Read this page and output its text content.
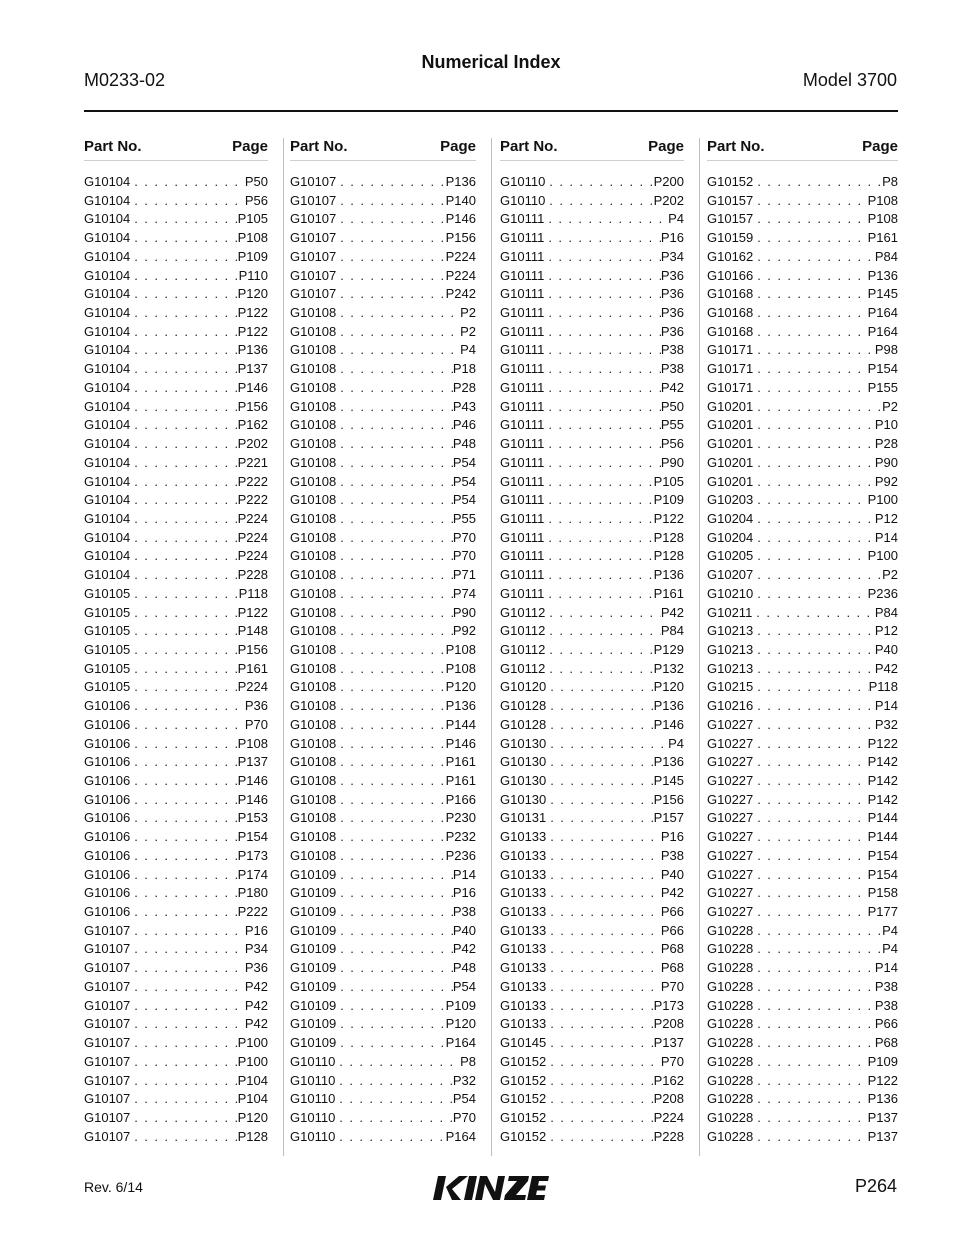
Numerical Index
M0233-02	Model 3700
Part No.	Page
G10104 . . .	P50
G10104 . . .	P56
G10104 . . .	P105
G10104 . . .	P108
G10104 . . .	P109
G10104 . . .	P110
G10104 . . .	P120
G10104 . . .	P122
G10104 . . .	P122
G10104 . . .	P136
G10104 . . .	P137
G10104 . . .	P146
G10104 . . .	P156
G10104 . . .	P162
G10104 . . .	P202
G10104 . . .	P221
G10104 . . .	P222
G10104 . . .	P222
G10104 . . .	P224
G10104 . . .	P224
G10104 . . .	P224
G10104 . . .	P228
G10105 . . .	P118
G10105 . . .	P122
G10105 . . .	P148
G10105 . . .	P156
G10105 . . .	P161
G10105 . . .	P224
G10106 . . .	P36
G10106 . . .	P70
G10106 . . .	P108
G10106 . . .	P137
G10106 . . .	P146
G10106 . . .	P146
G10106 . . .	P153
G10106 . . .	P154
G10106 . . .	P173
G10106 . . .	P174
G10106 . . .	P180
G10106 . . .	P222
G10107 . . .	P16
G10107 . . .	P34
G10107 . . .	P36
G10107 . . .	P42
G10107 . . .	P42
G10107 . . .	P42
G10107 . . .	P100
G10107 . . .	P100
G10107 . . .	P104
G10107 . . .	P104
G10107 . . .	P120
G10107 . . .	P128
Part No.	Page
G10107 . . .	P136
G10107 . . .	P140
G10107 . . .	P146
G10107 . . .	P156
G10107 . . .	P224
G10107 . . .	P224
G10107 . . .	P242
G10108 . . .	P2
G10108 . . .	P2
G10108 . . .	P4
G10108 . . .	P18
G10108 . . .	P28
G10108 . . .	P43
G10108 . . .	P46
G10108 . . .	P48
G10108 . . .	P54
G10108 . . .	P54
G10108 . . .	P54
G10108 . . .	P55
G10108 . . .	P70
G10108 . . .	P70
G10108 . . .	P71
G10108 . . .	P74
G10108 . . .	P90
G10108 . . .	P92
G10108 . . .	P108
G10108 . . .	P108
G10108 . . .	P120
G10108 . . .	P136
G10108 . . .	P144
G10108 . . .	P146
G10108 . . .	P161
G10108 . . .	P161
G10108 . . .	P166
G10108 . . .	P230
G10108 . . .	P232
G10108 . . .	P236
G10109 . . .	P14
G10109 . . .	P16
G10109 . . .	P38
G10109 . . .	P40
G10109 . . .	P42
G10109 . . .	P48
G10109 . . .	P54
G10109 . . .	P109
G10109 . . .	P120
G10109 . . .	P164
G10110 . . .	P8
G10110 . . .	P32
G10110 . . .	P54
G10110 . . .	P70
G10110 . . .	P164
Part No.	Page
G10110 . . .	P200
G10110 . . .	P202
G10111 . . .	P4
G10111 . . .	P16
G10111 . . .	P34
G10111 . . .	P36
G10111 . . .	P36
G10111 . . .	P36
G10111 . . .	P36
G10111 . . .	P38
G10111 . . .	P38
G10111 . . .	P42
G10111 . . .	P50
G10111 . . .	P55
G10111 . . .	P56
G10111 . . .	P90
G10111 . . .	P105
G10111 . . .	P109
G10111 . . .	P122
G10111 . . .	P128
G10111 . . .	P128
G10111 . . .	P136
G10111 . . .	P161
G10112 . . .	P42
G10112 . . .	P84
G10112 . . .	P129
G10112 . . .	P132
G10120 . . .	P120
G10128 . . .	P136
G10128 . . .	P146
G10130 . . .	P4
G10130 . . .	P136
G10130 . . .	P145
G10130 . . .	P156
G10131 . . .	P157
G10133 . . .	P16
G10133 . . .	P38
G10133 . . .	P40
G10133 . . .	P42
G10133 . . .	P66
G10133 . . .	P66
G10133 . . .	P68
G10133 . . .	P68
G10133 . . .	P70
G10133 . . .	P173
G10133 . . .	P208
G10145 . . .	P137
G10152 . . .	P70
G10152 . . .	P162
G10152 . . .	P208
G10152 . . .	P224
G10152 . . .	P228
Part No.	Page
G10152 . . .	P8
G10157 . . .	P108
G10157 . . .	P108
G10159 . . .	P161
G10162 . . .	P84
G10166 . . .	P136
G10168 . . .	P145
G10168 . . .	P164
G10168 . . .	P164
G10171 . . .	P98
G10171 . . .	P154
G10171 . . .	P155
G10201 . . .	P2
G10201 . . .	P10
G10201 . . .	P28
G10201 . . .	P90
G10201 . . .	P92
G10203 . . .	P100
G10204 . . .	P12
G10204 . . .	P14
G10205 . . .	P100
G10207 . . .	P2
G10210 . . .	P236
G10211 . . .	P84
G10213 . . .	P12
G10213 . . .	P40
G10213 . . .	P42
G10215 . . .	P118
G10216 . . .	P14
G10227 . . .	P32
G10227 . . .	P122
G10227 . . .	P142
G10227 . . .	P142
G10227 . . .	P142
G10227 . . .	P144
G10227 . . .	P144
G10227 . . .	P154
G10227 . . .	P154
G10227 . . .	P158
G10227 . . .	P177
G10228 . . .	P4
G10228 . . .	P4
G10228 . . .	P14
G10228 . . .	P38
G10228 . . .	P38
G10228 . . .	P66
G10228 . . .	P68
G10228 . . .	P109
G10228 . . .	P122
G10228 . . .	P136
G10228 . . .	P137
G10228 . . .	P137
Rev. 6/14	P264
